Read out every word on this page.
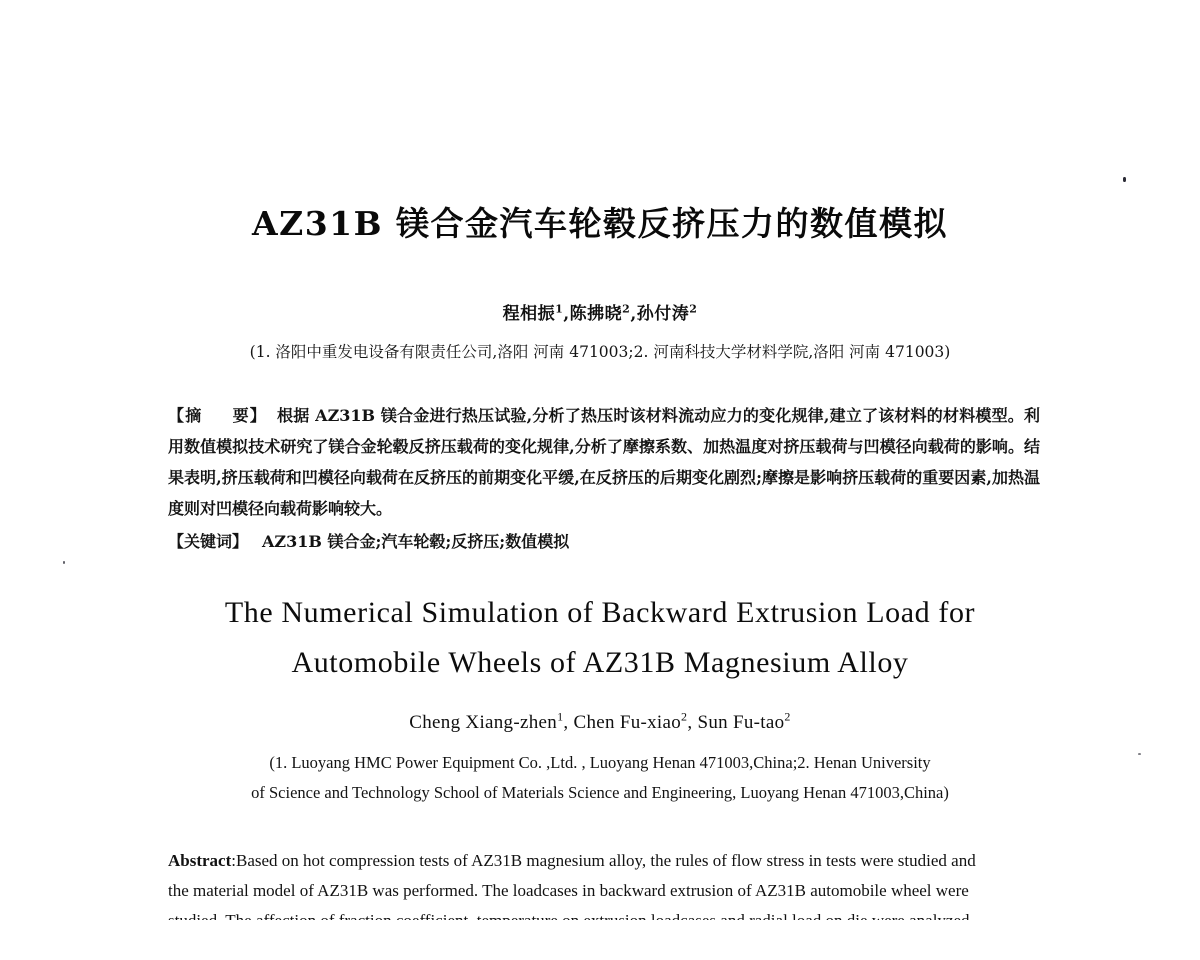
AZ31B 镁合金汽车轮毂反挤压力的数值模拟
程相振$^1$,陈拂晓$^2$,孙付涛$^2$
(1. 洛阳中重发电设备有限责任公司,洛阳 河南 471003;2. 河南科技大学材料学院,洛阳 河南 471003)
【摘　 要】 根据 AZ31B 镁合金进行热压试验,分析了热压时该材料流动应力的变化规律,建立了该材料的材料模型。利用数值模拟技术研究了镁合金轮毂反挤压载荷的变化规律,分析了摩擦系数、加热温度对挤压载荷与凹模径向载荷的影响。结果表明,挤压载荷和凹模径向载荷在反挤压的前期变化平缓,在反挤压的后期变化剧烈;摩擦是影响挤压载荷的重要因素,加热温度则对凹模径向载荷影响较大。
【关键词】 AZ31B 镁合金;汽车轮毂;反挤压;数值模拟
The Numerical Simulation of Backward Extrusion Load for
Automobile Wheels of AZ31B Magnesium Alloy
Cheng Xiang-zhen$^1$, Chen Fu-xiao$^2$, Sun Fu-tao$^2$
(1. Luoyang HMC Power Equipment Co. ,Ltd. , Luoyang Henan 471003,China;2. Henan University
of Science and Technology School of Materials Science and Engineering, Luoyang Henan 471003,China)
Abstract:Based on hot compression tests of AZ31B magnesium alloy, the rules of flow stress in tests were studied and
the material model of AZ31B was performed. The loadcases in backward extrusion of AZ31B automobile wheel were
